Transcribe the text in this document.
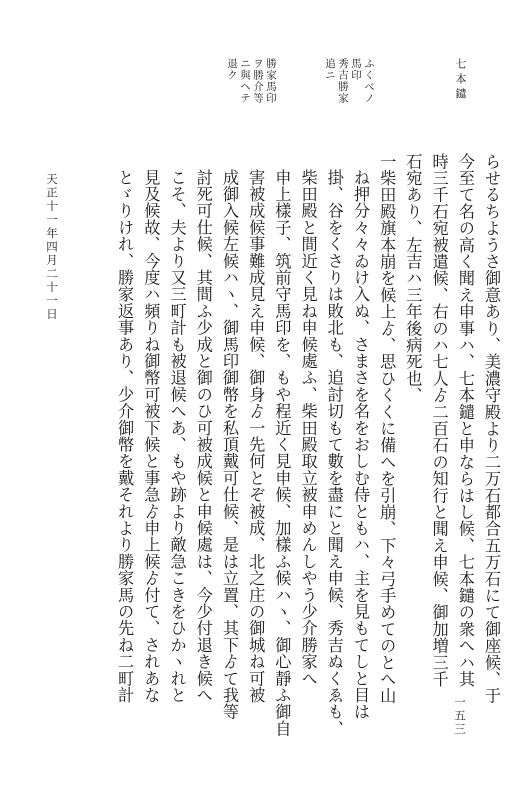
七本鑓
ふくべノ
馬印
秀吉勝家
追ニ
勝家馬印
ヲ勝介等
ニ與ヘテ
退ク
らせるちようさ御意あり、美濃守殿より二万石都合五万石にて御座候、于
今至て名の高く聞え申事ハ、七本鑓と申ならはし候、七本鑓の衆へハ其
時三千石宛被遣候、右のハ七人ゟ二百石の知行と聞え申候、御加増三千
石宛あり、左吉ハ三年後病死也、
一柴田殿旗本崩を候上ゟ、思ひくくに備へを引崩、下々弓手めてのとへ山
ね押分々々ゐけ入ぬ、さまさを名をおしむ侍ともハ、主を見もてしと目は
掛、谷をくさりは敗北も、追討切もて數を盡にと聞え申候、秀吉ぬくゑも、
柴田殿と間近く見ね申候處ふ、柴田殿取立被申めんしやう少介勝家へ
申上樣子、筑前守馬印を、もや程近く見申候、加樣ふ候ハヽ、御心靜ふ御自
害被成候事難成見え申候、御身ゟ一先何とぞ被成、北之庄の御城ね可被
成御入候左候ハヽ、御馬印御幣を私頂戴可仕候、是は立置、其下ゟて我等
討死可仕候、其間ふ少成と御のひ可被成候と申候處は、今少付退き候へ
こそ、夫より又三町計も被退候へあ、もや跡より敵急こきをひかヽれと
見及候故、今度ハ頻りね御幣可被下候と事急ゟ申上候ゟ付て、されあな
とゞりけれ、勝家返事あり、少介御幣を戴それより勝家馬の先ね二町計
天正十一年四月二十一日
一五三
